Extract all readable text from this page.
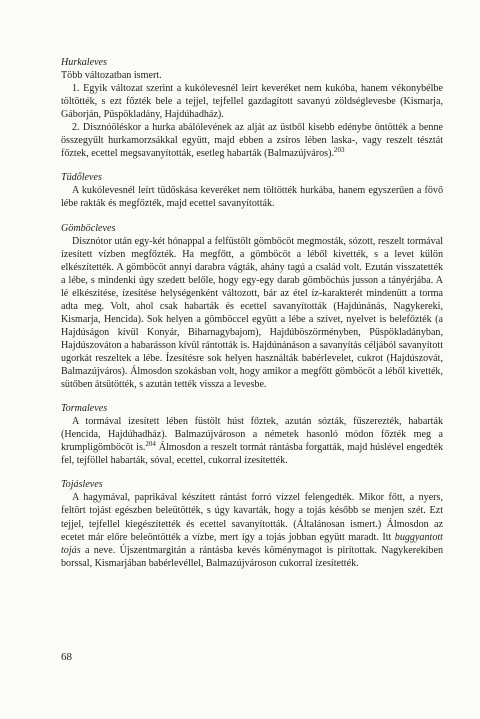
Hurkaleves

Több változatban ismert.

1. Egyik változat szerint a kukólevesnél leírt keveréket nem kukóba, hanem vékonybélbe töltötték, s ezt főzték bele a tejjel, tejfellel gazdagított savanyú zöldséglevesbe (Kismarja, Gáborján, Püspökladány, Hajdúhadház).

2. Disznóöléskor a hurka abálólevének az alját az üstből kisebb edénybe öntötték a benne összegyűlt hurkamorzsákkal együtt, majd ebben a zsíros lében laska-, vagy reszelt tésztát főztek, ecettel megsavanyították, esetleg habarták (Balmazújváros).$^{203}$

Tüdőleves

A kukólevesnél leírt tüdőskása keveréket nem töltötték hurkába, hanem egyszerűen a fövő lébe rakták és megfőzték, majd ecettel savanyították.

Gömböcleves

Disznótor után egy-két hónappal a felfüstölt gömböcöt megmosták, sózott, reszelt tormával ízesített vízben megfőzték. Ha megfőtt, a gömböcöt a léből kivették, s a levet külön elkészítették. A gömböcöt annyi darabra vágták, ahány tagú a család volt. Ezután visszatették a lébe, s mindenki úgy szedett belőle, hogy egy-egy darab gömböchús jusson a tányérjába. A lé elkészítése, ízesítése helységenként változott, bár az étel íz-karakterét mindenütt a torma adta meg. Volt, ahol csak habarták és ecettel savanyították (Hajdúnánás, Nagykereki, Kismarja, Hencida). Sok helyen a gömböccel együtt a lébe a szívet, nyelvet is belefőzték (a Hajdúságon kívül Konyár, Biharnagybajom), Hajdúböszörményben, Püspökladányban, Hajdúszováton a habarásson kívül rántották is. Hajdúnánáson a savanyítás céljából savanyított ugorkát reszeltek a lébe. Ízesítésre sok helyen használták babérlevelet, cukrot (Hajdúszovát, Balmazújváros). Álmosdon szokásban volt, hogy amikor a megfőtt gömböcöt a léből kivették, sütőben átsütötték, s azután tették vissza a levesbe.

Tormaleves

A tormával ízesített lében füstölt húst főztek, azután sózták, fűszerezték, habarták (Hencida, Hajdúhadház). Balmazújvároson a németek hasonló módon főzték meg a krumpligömböcöt is.$^{204}$ Álmosdon a reszelt tormát rántásba forgatták, majd húslével engedték fel, tejföllel habarták, sóval, ecettel, cukorral ízesítették.

Tojásleves

A hagymával, paprikával készített rántást forró vízzel felengedték. Mikor főtt, a nyers, feltört tojást egészben beleütötték, s úgy kavarták, hogy a tojás később se menjen szét. Ezt tejjel, tejfellel kiegészítették és ecettel savanyították. (Általánosan ismert.) Álmosdon az ecetet már előre beleöntötték a vízbe, mert így a tojás jobban együtt maradt. Itt buggyantott tojás a neve. Újszentmargitán a rántásba kevés köménymagot is pirítottak. Nagykerekiben borssal, Kismarjában babérlevéllel, Balmazújvároson cukorral ízesítették.

68
